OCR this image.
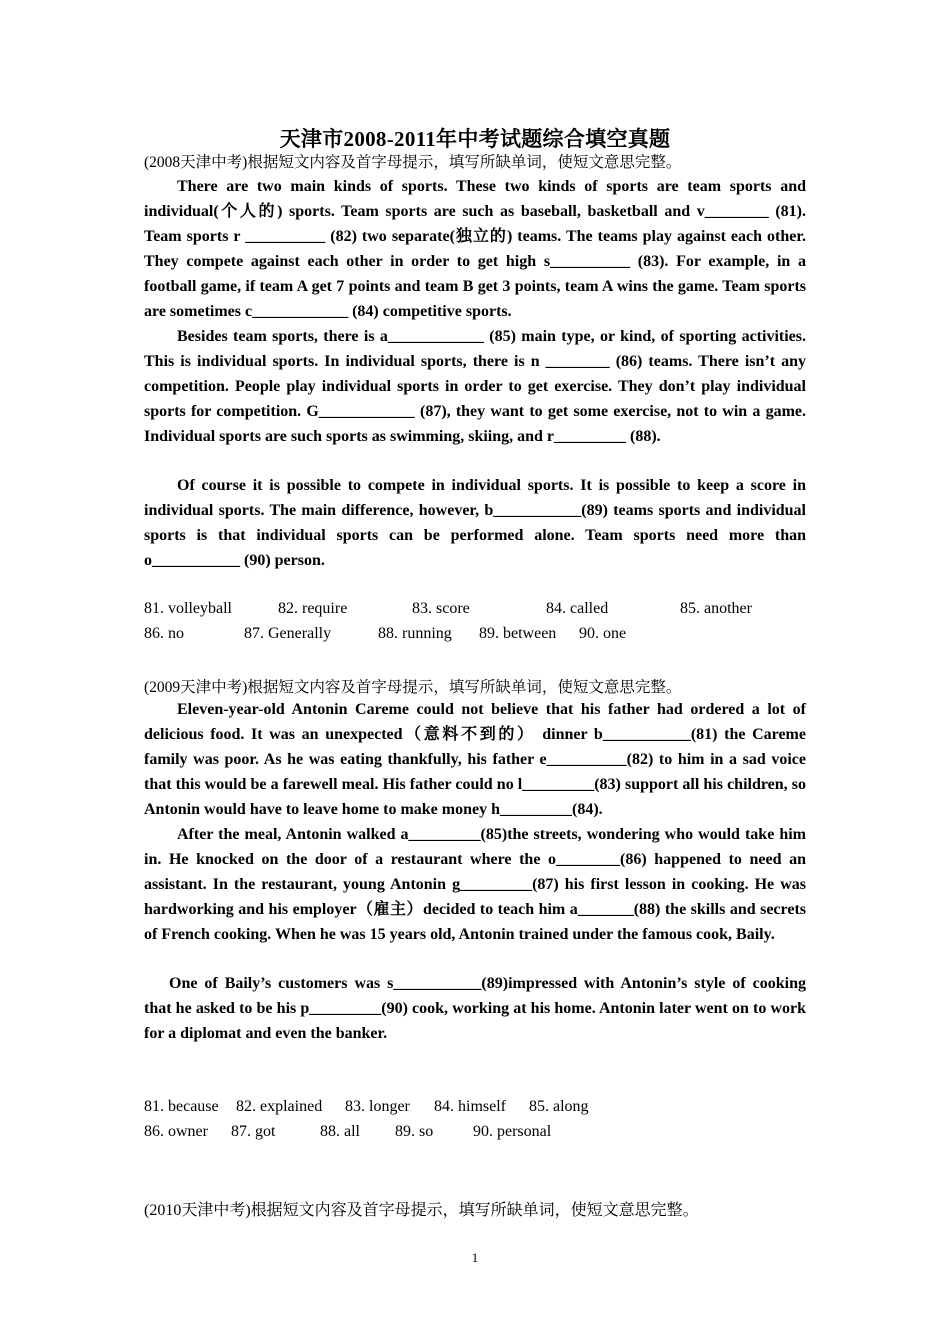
天津市2008-2011年中考试题综合填空真题
(2008天津中考)根据短文内容及首字母提示，填写所缺单词，使短文意思完整。

There are two main kinds of sports. These two kinds of sports are team sports and individual(个人的) sports. Team sports are such as baseball, basketball and v________ (81). Team sports r __________ (82) two separate(独立的) teams. The teams play against each other. They compete against each other in order to get high s__________ (83). For example, in a football game, if team A get 7 points and team B get 3 points, team A wins the game. Team sports are sometimes c____________ (84) competitive sports.

Besides team sports, there is a____________ (85) main type, or kind, of sporting activities. This is individual sports. In individual sports, there is n ________ (86) teams. There isn’t any competition. People play individual sports in order to get exercise. They don’t play individual sports for competition. G____________ (87), they want to get some exercise, not to win a game. Individual sports are such sports as swimming, skiing, and r_________ (88).

Of course it is possible to compete in individual sports. It is possible to keep a score in individual sports. The main difference, however, b___________(89) teams sports and individual sports is that individual sports can be performed alone. Team sports need more than o___________ (90) person.

81. volleyball	82. require	83. score	84. called	85. another
86. no	87. Generally	88. running 89. between 90. one
(2009天津中考)根据短文内容及首字母提示，填写所缺单词，使短文意思完整。

Eleven-year-old Antonin Careme could not believe that his father had ordered a lot of delicious food. It was an unexpected（意料不到的） dinner b___________(81) the Careme family was poor. As he was eating thankfully, his father e__________(82) to him in a sad voice that this would be a farewell meal. His father could no l_________(83) support all his children, so Antonin would have to leave home to make money h_________(84).

After the meal, Antonin walked a_________(85)the streets, wondering who would take him in. He knocked on the door of a restaurant where the o________(86) happened to need an assistant. In the restaurant, young Antonin g_________(87) his first lesson in cooking. He was hardworking and his employer（雇主）decided to teach him a_______(88) the skills and secrets of French cooking. When he was 15 years old, Antonin trained under the famous cook, Baily.

One of Baily’s customers was s___________(89)impressed with Antonin’s style of cooking that he asked to be his p_________(90) cook, working at his home. Antonin later went on to work for a diplomat and even the banker.

81. because 82. explained 83. longer 84. himself 85. along
86. owner 87. got	88. all 89. so 90. personal
(2010天津中考)根据短文内容及首字母提示，填写所缺单词，使短文意思完整。
1
